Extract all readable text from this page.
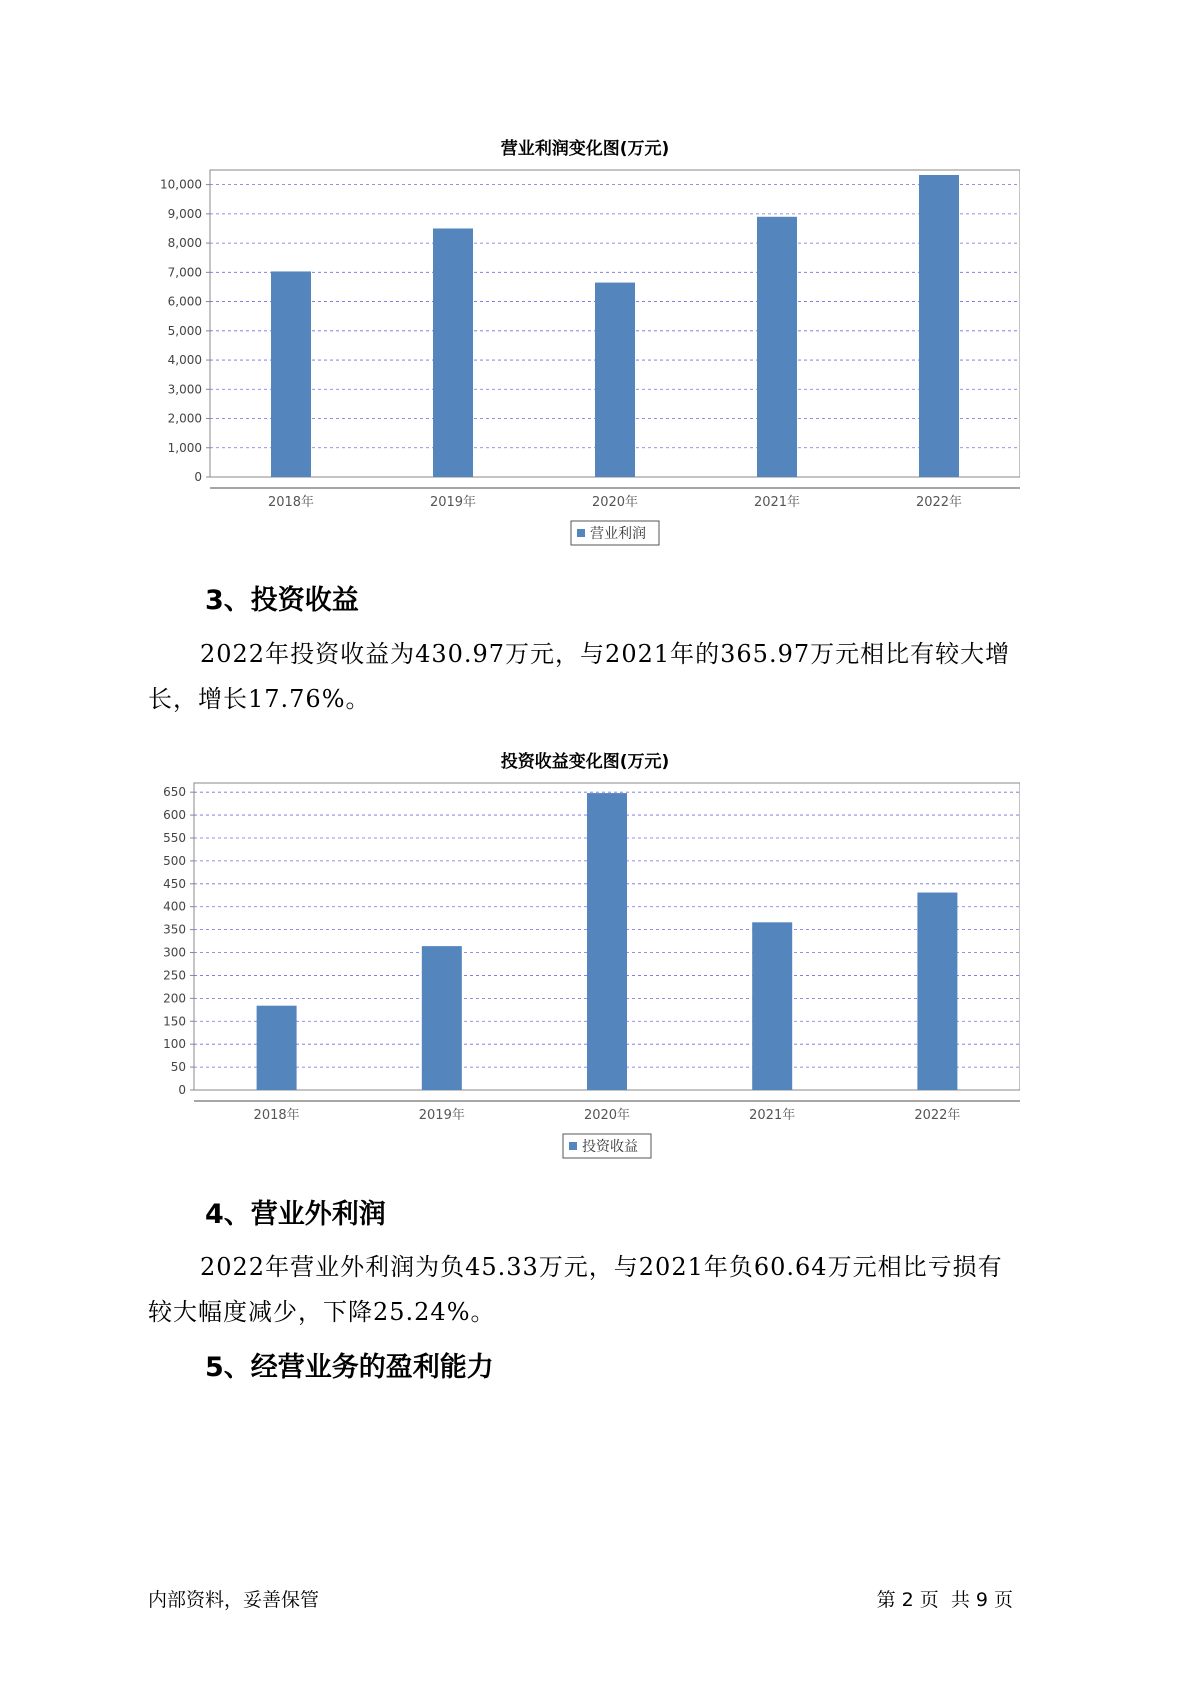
营业利润变化图(万元)
0
1,000
2,000
3,000
4,000
5,000
6,000
7,000
8,000
9,000
10,000
2018年	2019年	2020年	2021年	2022年
营业利润
3、投资收益
2022年投资收益为430.97万元，与2021年的365.97万元相比有较大增
长，增长17.76%。
投资收益变化图(万元)
0
50
100
150
200
250
300
350
400
450
500
550
600
650
2018年	2019年	2020年	2021年	2022年
投资收益
4、营业外利润
2022年营业外利润为负45.33万元，与2021年负60.64万元相比亏损有
较大幅度减少，下降25.24%。
5、经营业务的盈利能力
内部资料，妥善保管	第 2 页  共 9 页
